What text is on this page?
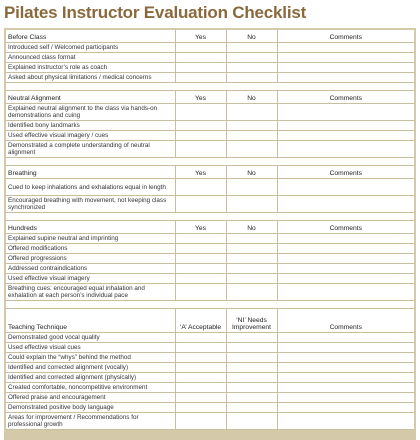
Pilates Instructor Evaluation Checklist
Before Class	Yes	No	Comments
Introduced self / Welcomed participants			
Announced class format			
Explained instructor’s role as coach			
Asked about physical limitations / medical concerns			

Neutral Alignment	Yes	No	Comments
Explained neutral alignment to the class via hands-on demonstrations and cuing			
Identified bony landmarks			
Used effective visual imagery / cues			
Demonstrated a complete understanding of neutral alignment			

Breathing	Yes	No	Comments
Cued to keep inhalations and exhalations equal in length			
Encouraged breathing with movement, not keeping class synchronized			

Hundreds	Yes	No	Comments
Explained supine neutral and imprinting			
Offered modifications			
Offered progressions			
Addressed contraindications			
Used effective visual imagery			
Breathing cues: encouraged equal inhalation and exhalation at each person’s individual pace			

Teaching Technique	‘A’ Acceptable	‘NI’ Needs Improvement	Comments
Demonstrated good vocal quality			
Used effective visual cues			
Could explain the “whys” behind the method			
Identified and corrected alignment (vocally)			
Identified and corrected alignment (physically)			
Created comfortable, noncompetitive environment			
Offered praise and encouragement			
Demonstrated positive body language			
Areas for improvement / Recommendations for professional growth			
